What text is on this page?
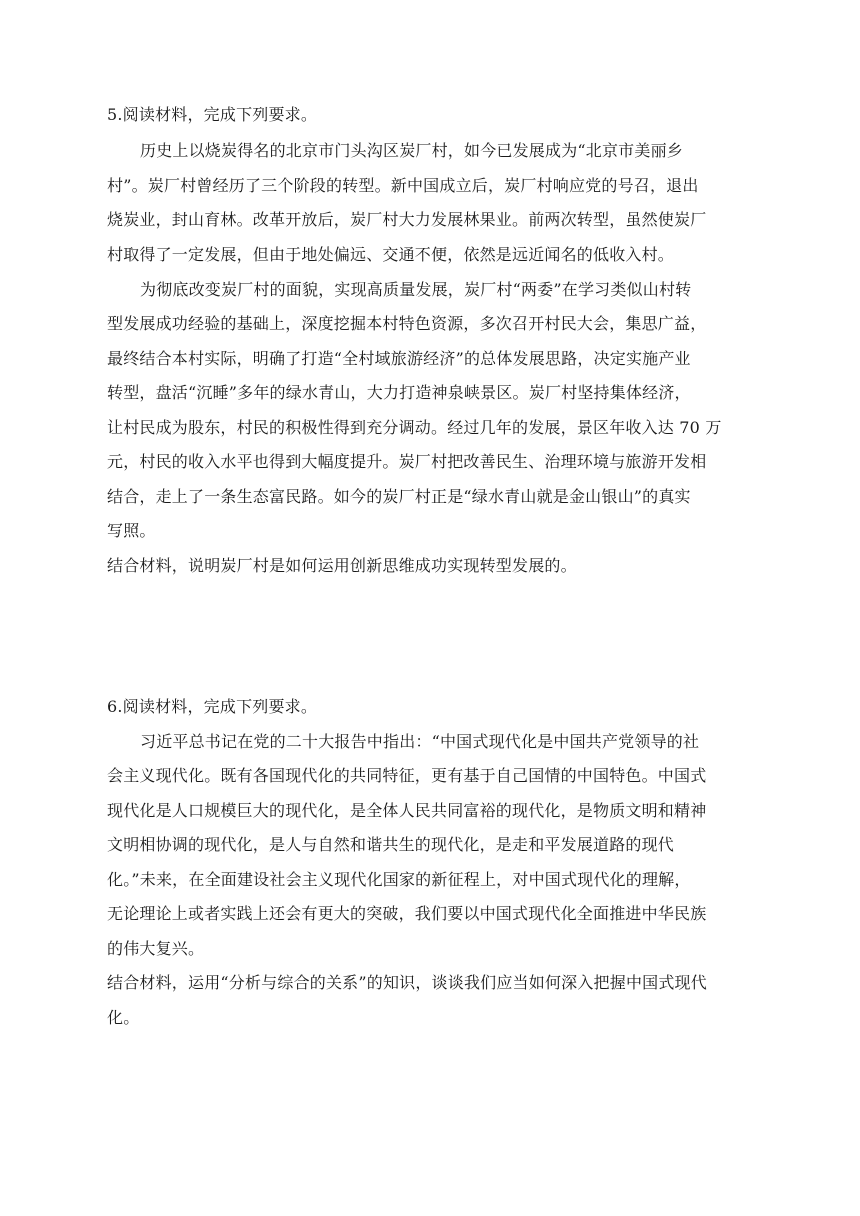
5.阅读材料，完成下列要求。
历史上以烧炭得名的北京市门头沟区炭厂村，如今已发展成为“北京市美丽乡
村”。炭厂村曾经历了三个阶段的转型。新中国成立后，炭厂村响应党的号召，退出
烧炭业，封山育林。改革开放后，炭厂村大力发展林果业。前两次转型，虽然使炭厂
村取得了一定发展，但由于地处偏远、交通不便，依然是远近闻名的低收入村。
为彻底改变炭厂村的面貌，实现高质量发展，炭厂村“两委”在学习类似山村转
型发展成功经验的基础上，深度挖掘本村特色资源，多次召开村民大会，集思广益，
最终结合本村实际，明确了打造“全村域旅游经济”的总体发展思路，决定实施产业
转型，盘活“沉睡”多年的绿水青山，大力打造神泉峡景区。炭厂村坚持集体经济，
让村民成为股东，村民的积极性得到充分调动。经过几年的发展，景区年收入达 70 万
元，村民的收入水平也得到大幅度提升。炭厂村把改善民生、治理环境与旅游开发相
结合，走上了一条生态富民路。如今的炭厂村正是“绿水青山就是金山银山”的真实
写照。
结合材料，说明炭厂村是如何运用创新思维成功实现转型发展的。
6.阅读材料，完成下列要求。
习近平总书记在党的二十大报告中指出：“中国式现代化是中国共产党领导的社
会主义现代化。既有各国现代化的共同特征，更有基于自己国情的中国特色。中国式
现代化是人口规模巨大的现代化，是全体人民共同富裕的现代化，是物质文明和精神
文明相协调的现代化，是人与自然和谐共生的现代化，是走和平发展道路的现代
化。”未来，在全面建设社会主义现代化国家的新征程上，对中国式现代化的理解，
无论理论上或者实践上还会有更大的突破，我们要以中国式现代化全面推进中华民族
的伟大复兴。
结合材料，运用“分析与综合的关系”的知识，谈谈我们应当如何深入把握中国式现代
化。
